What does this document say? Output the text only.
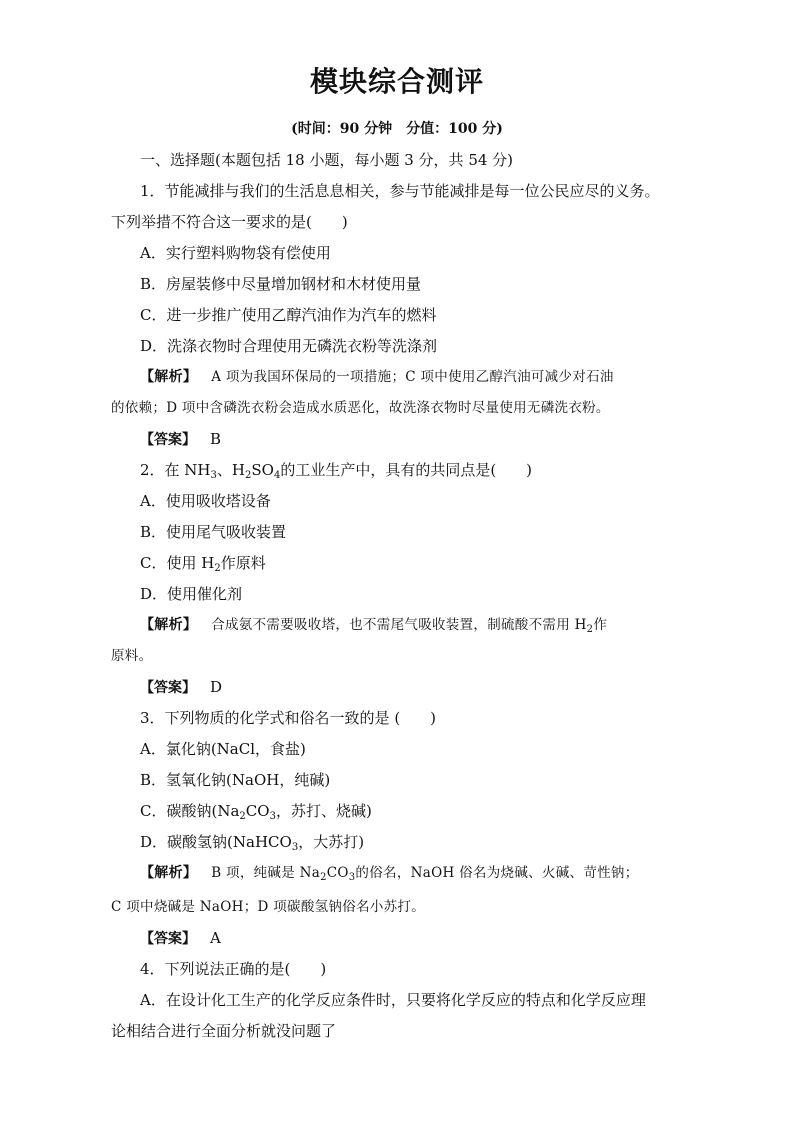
模块综合测评
(时间：90 分钟　分值：100 分)
一、选择题(本题包括 18 小题，每小题 3 分，共 54 分)
1．节能减排与我们的生活息息相关，参与节能减排是每一位公民应尽的义务。
下列举措不符合这一要求的是(　　)
A．实行塑料购物袋有偿使用
B．房屋装修中尽量增加钢材和木材使用量
C．进一步推广使用乙醇汽油作为汽车的燃料
D．洗涤衣物时合理使用无磷洗衣粉等洗涤剂
【解析】 A 项为我国环保局的一项措施；C 项中使用乙醇汽油可减少对石油
的依赖；D 项中含磷洗衣粉会造成水质恶化，故洗涤衣物时尽量使用无磷洗衣粉。
【答案】 B
2．在 $NH_3$、$H_2SO_4$的工业生产中，具有的共同点是(　　)
A．使用吸收塔设备
B．使用尾气吸收装置
C．使用 $H_2$作原料
D．使用催化剂
【解析】 合成氨不需要吸收塔，也不需尾气吸收装置，制硫酸不需用 $H_2$作
原料。
【答案】 D
3．下列物质的化学式和俗名一致的是 (　　)
A．氯化钠(NaCl，食盐)
B．氢氧化钠(NaOH，纯碱)
C．碳酸钠($Na_2CO_3$，苏打、烧碱)
D．碳酸氢钠(NaHCO$_3$，大苏打)
【解析】 B 项，纯碱是 $Na_2CO_3$的俗名，NaOH 俗名为烧碱、火碱、苛性钠；
C 项中烧碱是 NaOH；D 项碳酸氢钠俗名小苏打。
【答案】 A
4．下列说法正确的是(　　)
A．在设计化工生产的化学反应条件时，只要将化学反应的特点和化学反应理
论相结合进行全面分析就没问题了
